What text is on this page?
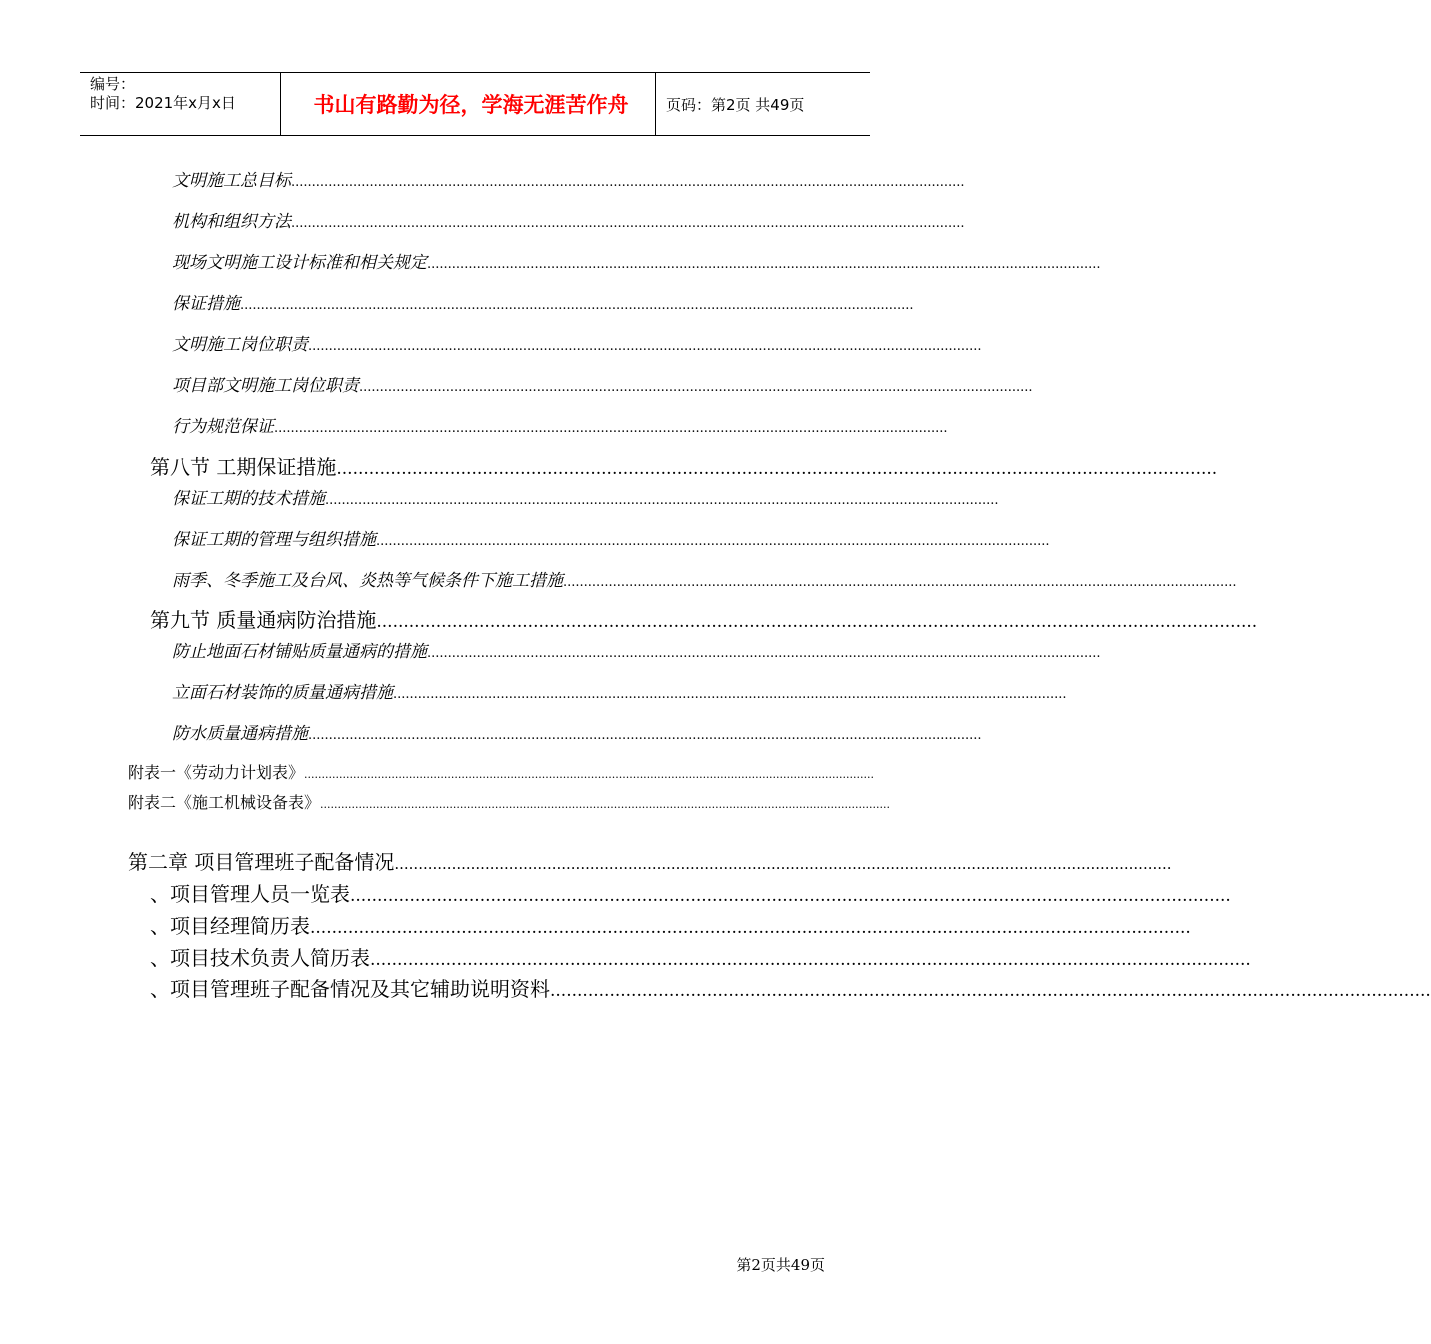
编号：
时间：2021年x月x日	书山有路勤为径，学海无涯苦作舟	页码：第2页 共49页
文明施工总目标 ...................................................................................................................................................................
机构和组织方法 ...................................................................................................................................................................
现场文明施工设计标准和相关规定 ...................................................................................................................................................................
保证措施 ...................................................................................................................................................................
文明施工岗位职责 ...................................................................................................................................................................
项目部文明施工岗位职责 ...................................................................................................................................................................
行为规范保证 ...................................................................................................................................................................
第八节 工期保证措施 ...................................................................................................................................................................
保证工期的技术措施 ...................................................................................................................................................................
保证工期的管理与组织措施 ...................................................................................................................................................................
雨季、冬季施工及台风、炎热等气候条件下施工措施 ...................................................................................................................................................................
第九节 质量通病防治措施 ...................................................................................................................................................................
防止地面石材铺贴质量通病的措施 ...................................................................................................................................................................
立面石材装饰的质量通病措施 ...................................................................................................................................................................
防水质量通病措施 ...................................................................................................................................................................
附表一《劳动力计划表》 ...................................................................................................................................................................
附表二《施工机械设备表》 ...................................................................................................................................................................
第二章 项目管理班子配备情况 ...................................................................................................................................................................
、项目管理人员一览表 ...................................................................................................................................................................
、项目经理简历表 ...................................................................................................................................................................
、项目技术负责人简历表 ...................................................................................................................................................................
、项目管理班子配备情况及其它辅助说明资料 ...................................................................................................................................................................
第2页共49页
